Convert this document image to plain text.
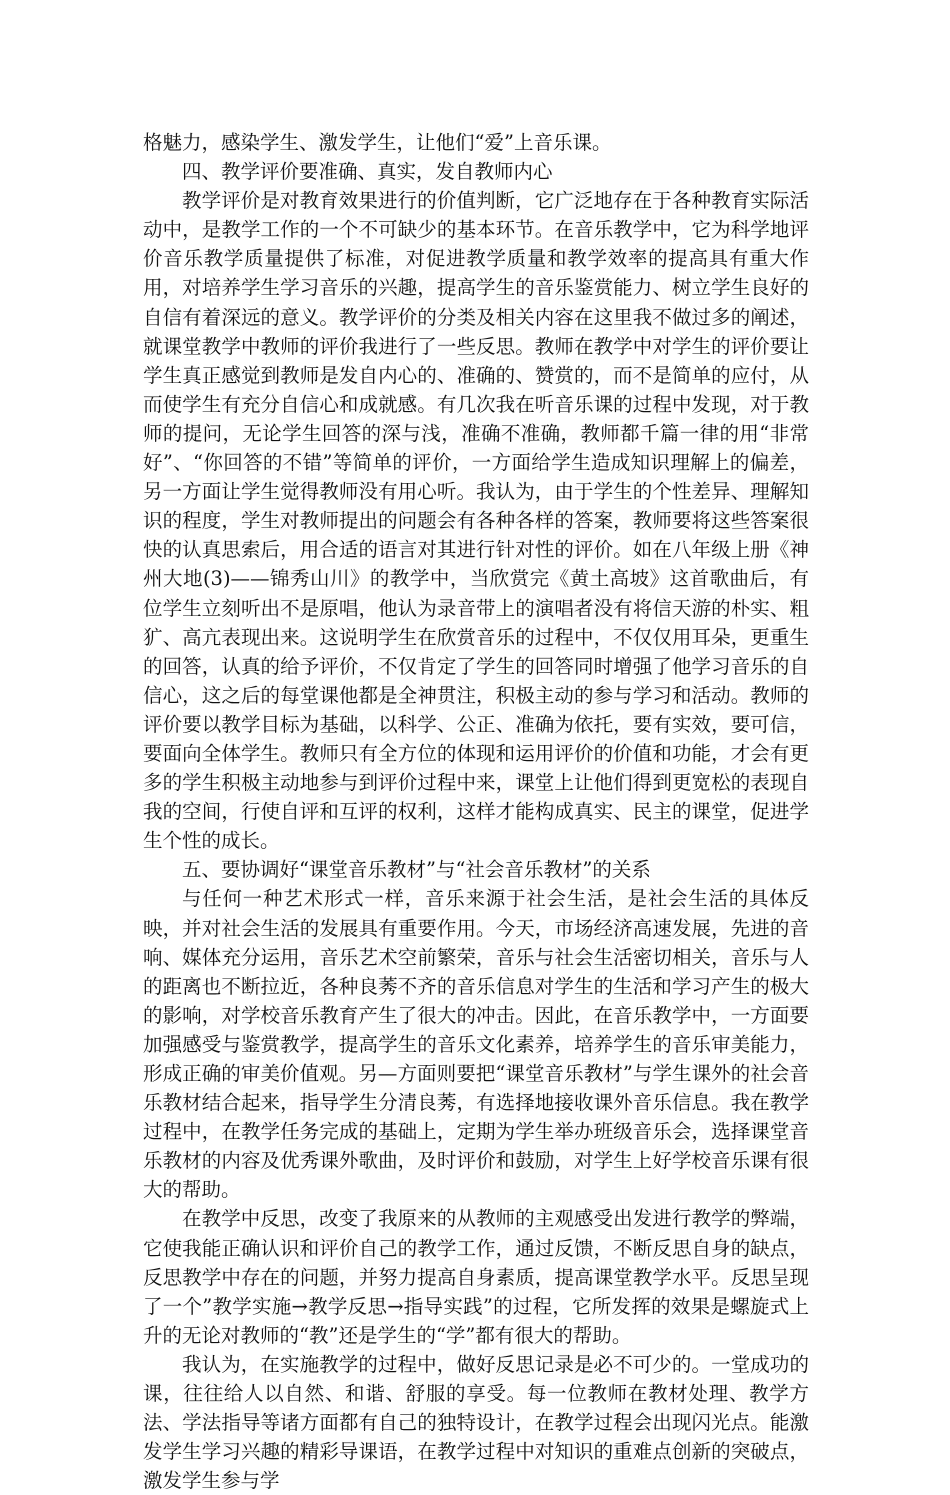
格魅力，感染学生、激发学生，让他们“爱”上音乐课。

四、教学评价要准确、真实，发自教师内心

教学评价是对教育效果进行的价值判断，它广泛地存在于各种教育实际活动中，是教学工作的一个不可缺少的基本环节。在音乐教学中，它为科学地评价音乐教学质量提供了标准，对促进教学质量和教学效率的提高具有重大作用，对培养学生学习音乐的兴趣，提高学生的音乐鉴赏能力、树立学生良好的自信有着深远的意义。教学评价的分类及相关内容在这里我不做过多的阐述，就课堂教学中教师的评价我进行了一些反思。教师在教学中对学生的评价要让学生真正感觉到教师是发自内心的、准确的、赞赏的，而不是简单的应付，从而使学生有充分自信心和成就感。有几次我在听音乐课的过程中发现，对于教师的提问，无论学生回答的深与浅，准确不准确，教师都千篇一律的用“非常好”、“你回答的不错”等简单的评价，一方面给学生造成知识理解上的偏差，另一方面让学生觉得教师没有用心听。我认为，由于学生的个性差异、理解知识的程度，学生对教师提出的问题会有各种各样的答案，教师要将这些答案很快的认真思索后，用合适的语言对其进行针对性的评价。如在八年级上册《神州大地(3)——锦秀山川》的教学中，当欣赏完《黄土高坡》这首歌曲后，有位学生立刻听出不是原唱，他认为录音带上的演唱者没有将信天游的朴实、粗犷、高亢表现出来。这说明学生在欣赏音乐的过程中，不仅仅用耳朵，更重生的回答，认真的给予评价，不仅肯定了学生的回答同时增强了他学习音乐的自信心，这之后的每堂课他都是全神贯注，积极主动的参与学习和活动。教师的评价要以教学目标为基础，以科学、公正、准确为依托，要有实效，要可信，要面向全体学生。教师只有全方位的体现和运用评价的价值和功能，才会有更多的学生积极主动地参与到评价过程中来，课堂上让他们得到更宽松的表现自我的空间，行使自评和互评的权利，这样才能构成真实、民主的课堂，促进学生个性的成长。

五、要协调好“课堂音乐教材”与“社会音乐教材”的关系

与任何一种艺术形式一样，音乐来源于社会生活，是社会生活的具体反映，并对社会生活的发展具有重要作用。今天，市场经济高速发展，先进的音响、媒体充分运用，音乐艺术空前繁荣，音乐与社会生活密切相关，音乐与人的距离也不断拉近，各种良莠不齐的音乐信息对学生的生活和学习产生的极大的影响，对学校音乐教育产生了很大的冲击。因此，在音乐教学中，一方面要加强感受与鉴赏教学，提高学生的音乐文化素养，培养学生的音乐审美能力，形成正确的审美价值观。另—方面则要把“课堂音乐教材”与学生课外的社会音乐教材结合起来，指导学生分清良莠，有选择地接收课外音乐信息。我在教学过程中，在教学任务完成的基础上，定期为学生举办班级音乐会，选择课堂音乐教材的内容及优秀课外歌曲，及时评价和鼓励，对学生上好学校音乐课有很大的帮助。

在教学中反思，改变了我原来的从教师的主观感受出发进行教学的弊端，它使我能正确认识和评价自己的教学工作，通过反馈，不断反思自身的缺点，反思教学中存在的问题，并努力提高自身素质，提高课堂教学水平。反思呈现了一个”教学实施→教学反思→指导实践”的过程，它所发挥的效果是螺旋式上升的无论对教师的“教”还是学生的“学”都有很大的帮助。

我认为，在实施教学的过程中，做好反思记录是必不可少的。一堂成功的课，往往给人以自然、和谐、舒服的享受。每一位教师在教材处理、教学方法、学法指导等诸方面都有自己的独特设计，在教学过程会出现闪光点。能激发学生学习兴趣的精彩导课语，在教学过程中对知识的重难点创新的突破点，激发学生参与学
